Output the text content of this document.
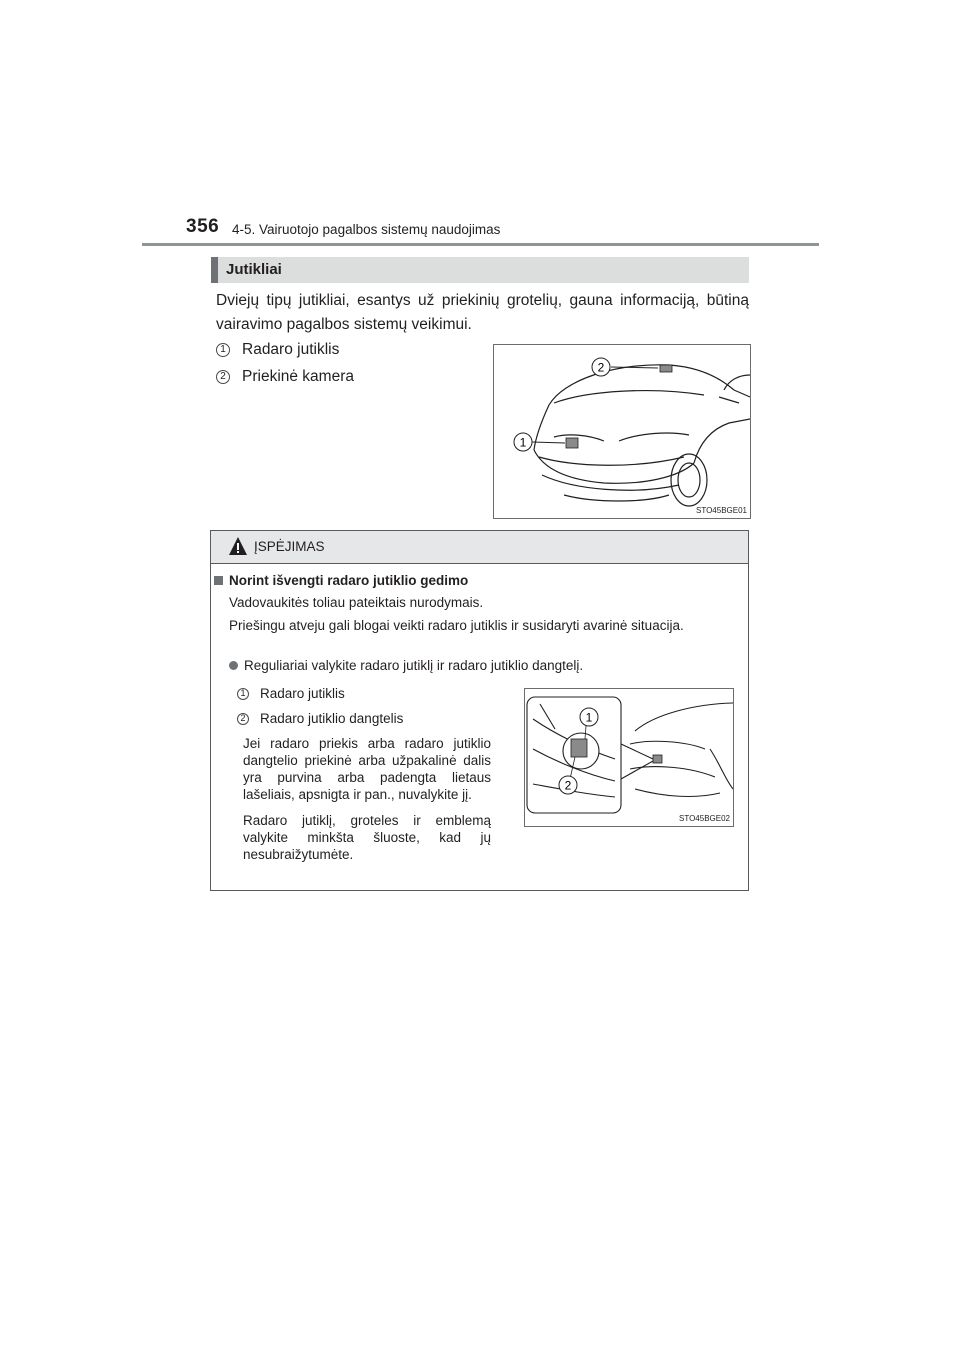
356 4-5. Vairuotojo pagalbos sistemų naudojimas
Jutikliai
Dviejų tipų jutikliai, esantys už priekinių grotelių, gauna informaciją, būtiną vairavimo pagalbos sistemų veikimui.
1 Radaro jutiklis
2 Priekinė kamera
2
1
STO45BGE01
ĮSPĖJIMAS
Norint išvengti radaro jutiklio gedimo
Vadovaukitės toliau pateiktais nurodymais.
Priešingu atveju gali blogai veikti radaro jutiklis ir susidaryti avarinė situacija.
Reguliariai valykite radaro jutiklį ir radaro jutiklio dangtelį.
1 Radaro jutiklis
2 Radaro jutiklio dangtelis
Jei radaro priekis arba radaro jutiklio dangtelio priekinė arba užpakalinė dalis yra purvina arba padengta lietaus lašeliais, apsnigta ir pan., nuvalykite jį.
Radaro jutiklį, groteles ir emblemą valykite minkšta šluoste, kad jų nesubraižytumėte.
1
2
STO45BGE02
